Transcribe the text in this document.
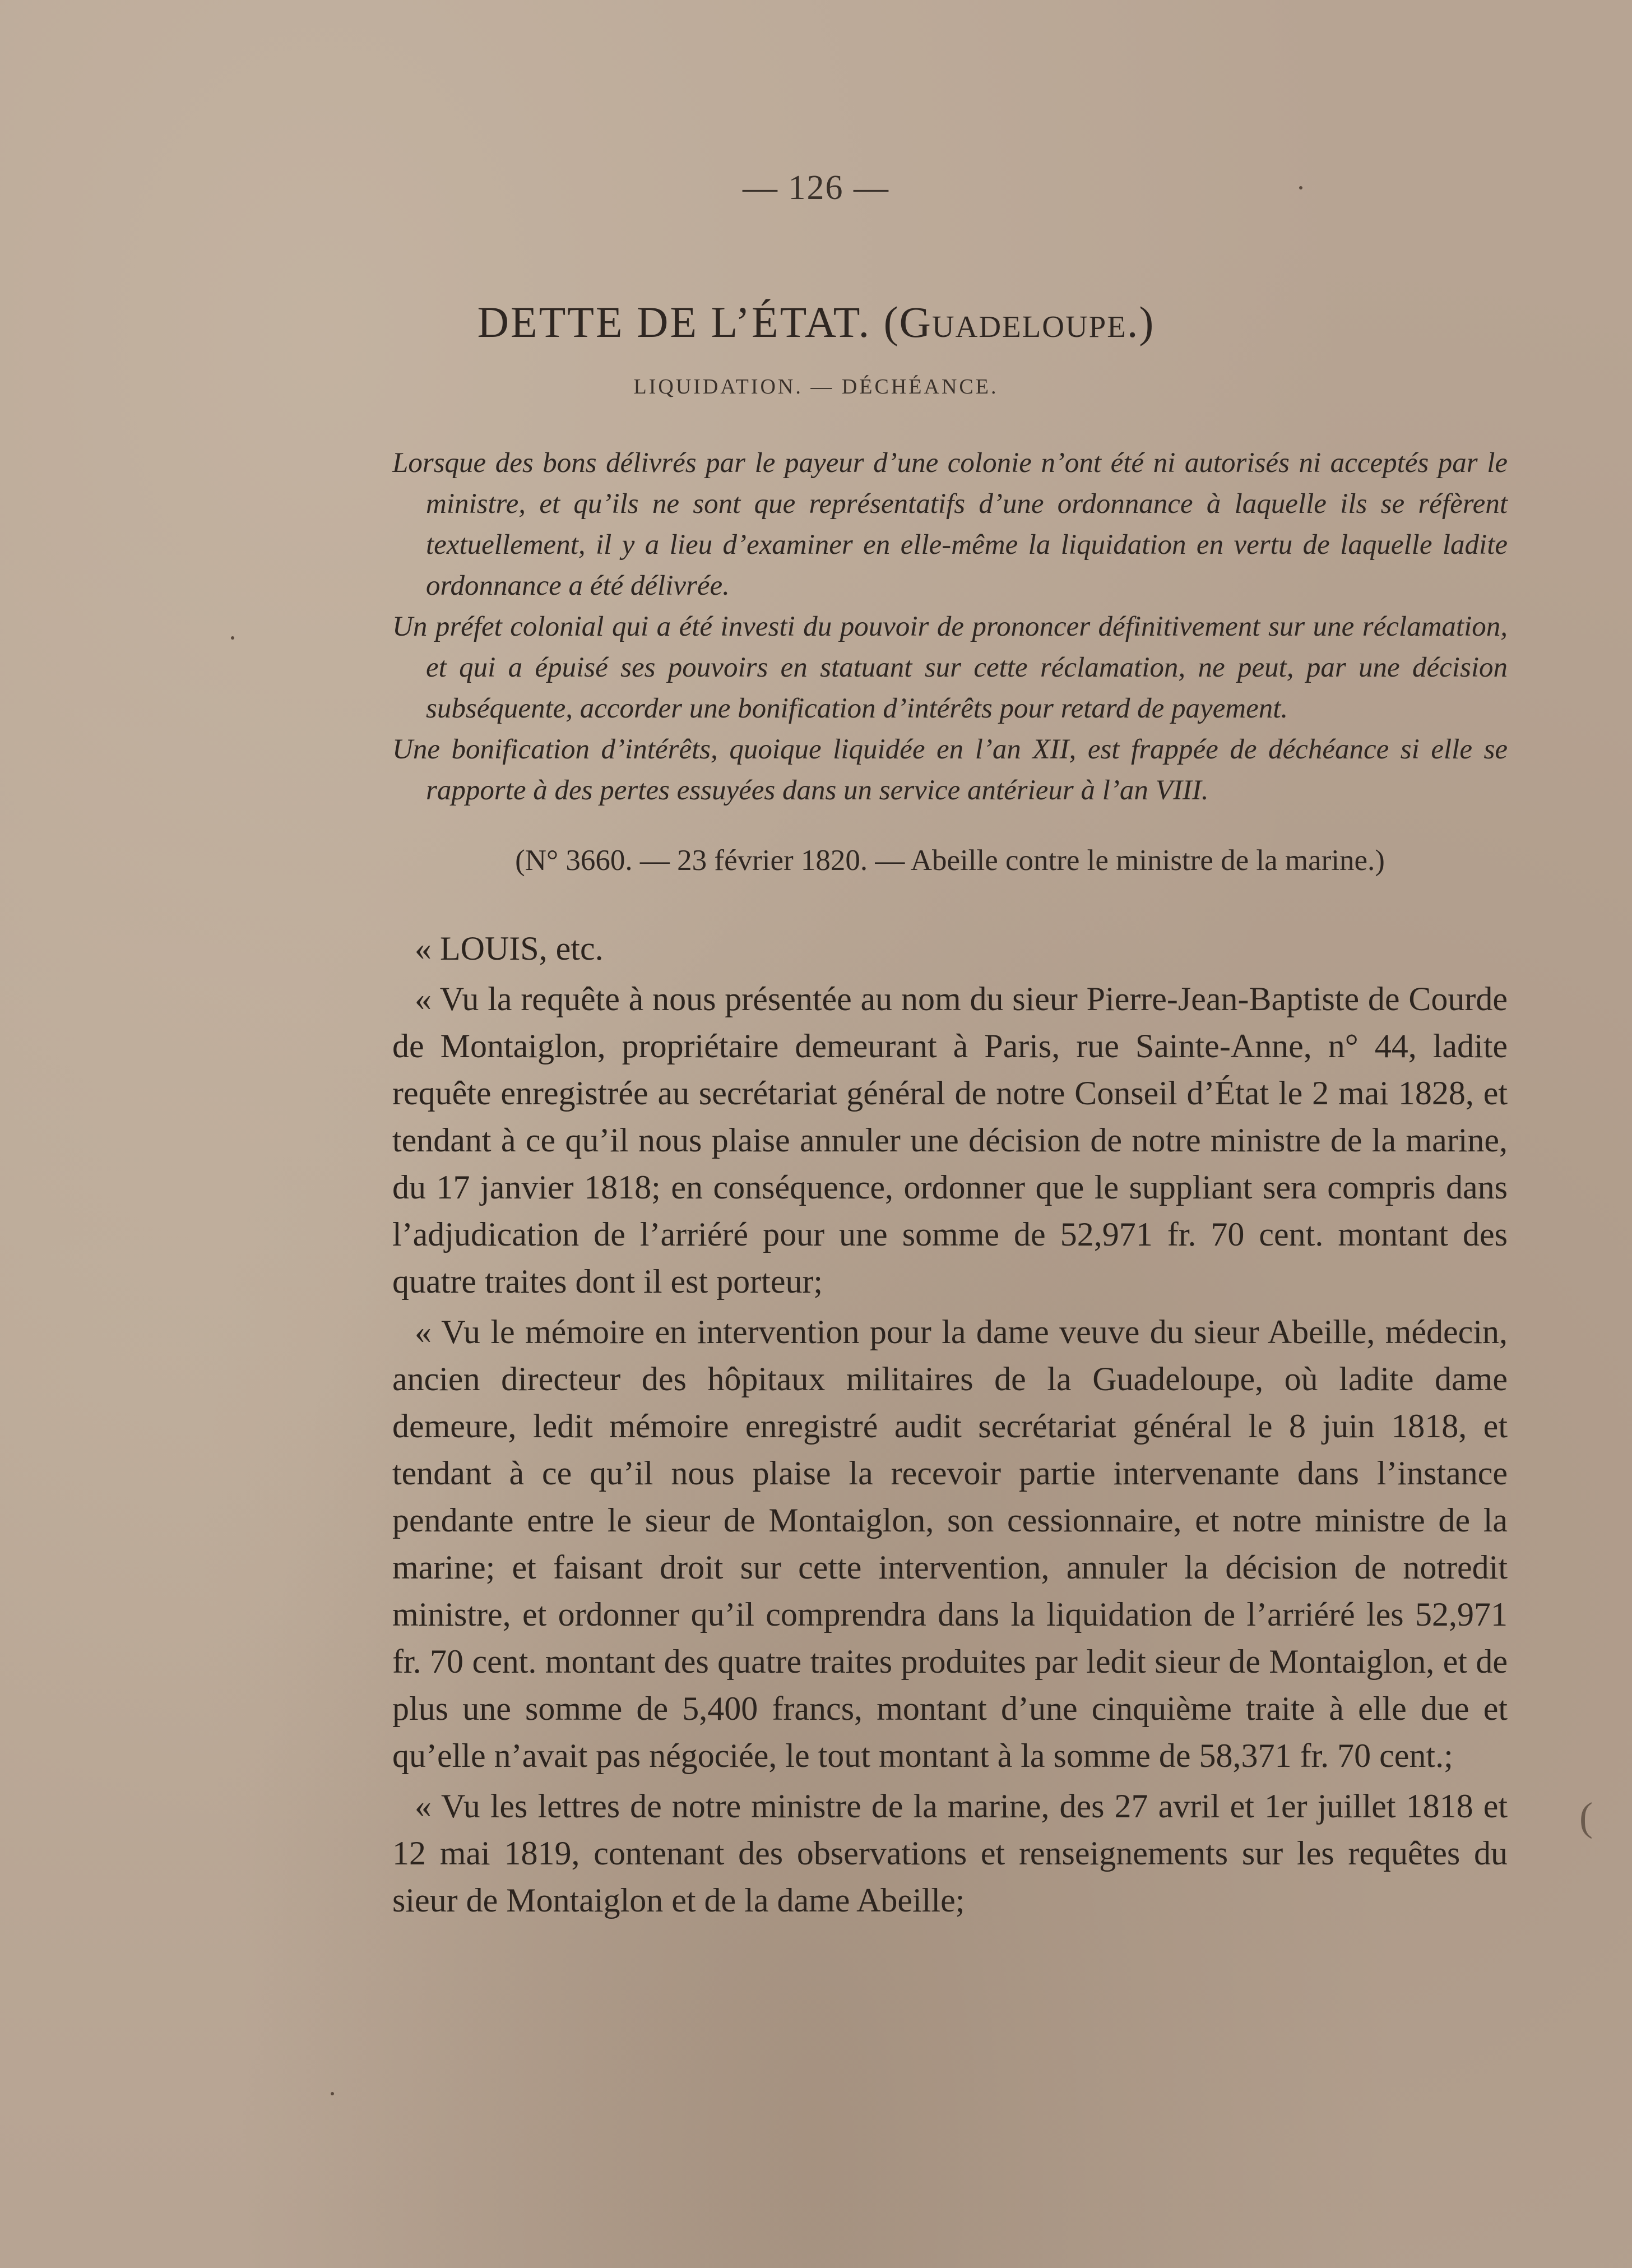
— 126 —
DETTE DE L’ÉTAT. (Guadeloupe.)
LIQUIDATION. — DÉCHÉANCE.

Lorsque des bons délivrés par le payeur d’une colonie n’ont été ni autorisés ni acceptés par le ministre, et qu’ils ne sont que représentatifs d’une ordonnance à laquelle ils se réfèrent textuellement, il y a lieu d’examiner en elle-même la liquidation en vertu de laquelle ladite ordonnance a été délivrée.

Un préfet colonial qui a été investi du pouvoir de prononcer définitivement sur une réclamation, et qui a épuisé ses pouvoirs en statuant sur cette réclamation, ne peut, par une décision subséquente, accorder une bonification d’intérêts pour retard de payement.

Une bonification d’intérêts, quoique liquidée en l’an XII, est frappée de déchéance si elle se rapporte à des pertes essuyées dans un service antérieur à l’an VIII.

(N° 3660. — 23 février 1820. — Abeille contre le ministre de la marine.)

« LOUIS, etc.

« Vu la requête à nous présentée au nom du sieur Pierre-Jean-Baptiste de Courde de Montaiglon, propriétaire demeurant à Paris, rue Sainte-Anne, n° 44, ladite requête enregistrée au secrétariat général de notre Conseil d’État le 2 mai 1828, et tendant à ce qu’il nous plaise annuler une décision de notre ministre de la marine, du 17 janvier 1818; en conséquence, ordonner que le suppliant sera compris dans l’adjudication de l’arriéré pour une somme de 52,971 fr. 70 cent. montant des quatre traites dont il est porteur;

« Vu le mémoire en intervention pour la dame veuve du sieur Abeille, médecin, ancien directeur des hôpitaux militaires de la Guadeloupe, où ladite dame demeure, ledit mémoire enregistré audit secrétariat général le 8 juin 1818, et tendant à ce qu’il nous plaise la recevoir partie intervenante dans l’instance pendante entre le sieur de Montaiglon, son cessionnaire, et notre ministre de la marine; et faisant droit sur cette intervention, annuler la décision de notredit ministre, et ordonner qu’il comprendra dans la liquidation de l’arriéré les 52,971 fr. 70 cent. montant des quatre traites produites par ledit sieur de Montaiglon, et de plus une somme de 5,400 francs, montant d’une cinquième traite à elle due et qu’elle n’avait pas négociée, le tout montant à la somme de 58,371 fr. 70 cent.;

« Vu les lettres de notre ministre de la marine, des 27 avril et 1er juillet 1818 et 12 mai 1819, contenant des observations et renseignements sur les requêtes du sieur de Montaiglon et de la dame Abeille;

(
